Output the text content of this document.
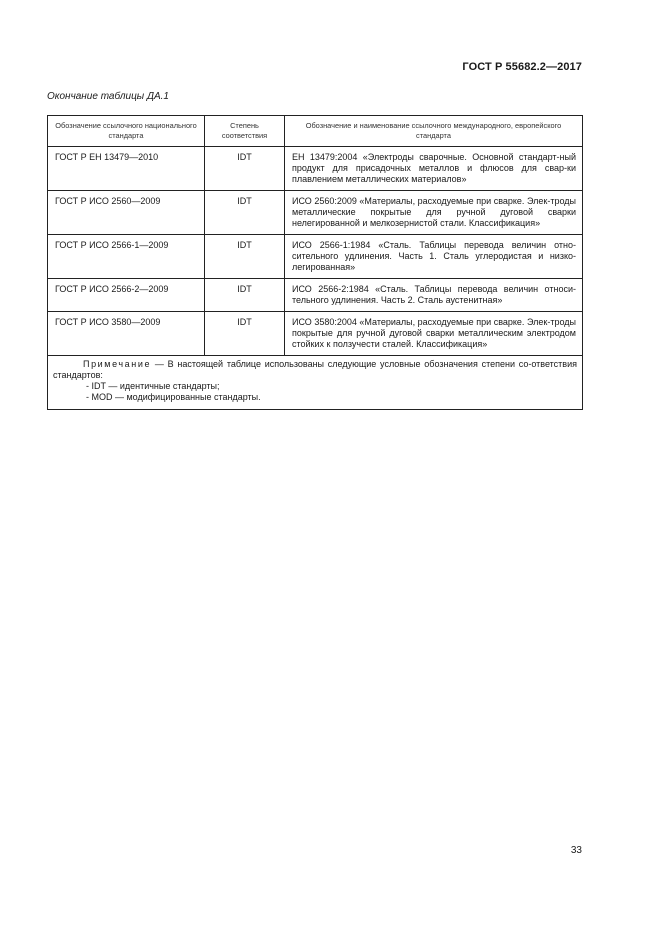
ГОСТ Р 55682.2—2017
Окончание таблицы ДА.1
Обозначение ссылочного национального стандарта	Степень соответствия	Обозначение и наименование ссылочного международного, европейского стандарта
ГОСТ Р ЕН 13479—2010	IDT	ЕН 13479:2004 «Электроды сварочные. Основной стандарт-ный продукт для присадочных металлов и флюсов для свар-ки плавлением металлических материалов»
ГОСТ Р ИСО 2560—2009	IDT	ИСО 2560:2009 «Материалы, расходуемые при сварке. Элек-троды металлические покрытые для ручной дуговой сварки нелегированной и мелкозернистой стали. Классификация»
ГОСТ Р ИСО 2566-1—2009	IDT	ИСО 2566-1:1984 «Сталь. Таблицы перевода величин отно-сительного удлинения. Часть 1. Сталь углеродистая и низко-легированная»
ГОСТ Р ИСО 2566-2—2009	IDT	ИСО 2566-2:1984 «Сталь. Таблицы перевода величин относи-тельного удлинения. Часть 2. Сталь аустенитная»
ГОСТ Р ИСО 3580—2009	IDT	ИСО 3580:2004 «Материалы, расходуемые при сварке. Элек-троды покрытые для ручной дуговой сварки металлическим электродом стойких к ползучести сталей. Классификация»

Примечание — В настоящей таблице использованы следующие условные обозначения степени со-ответствия стандартов:
- IDT — идентичные стандарты;
- MOD — модифицированные стандарты.		
33
